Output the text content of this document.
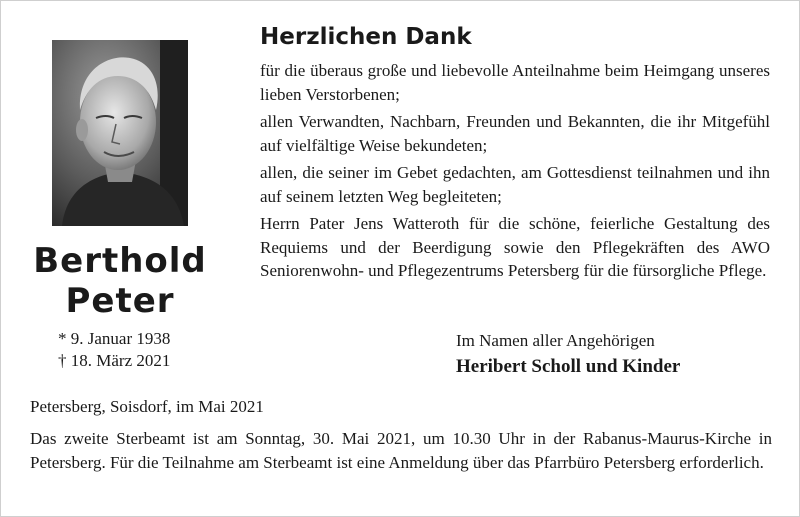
Berthold
Peter
* 9. Januar 1938
† 18. März 2021
Herzlichen Dank

für die überaus große und liebevolle Anteilnahme beim Heimgang unseres lieben Verstorbenen;

allen Verwandten, Nachbarn, Freunden und Bekannten, die ihr Mitgefühl auf vielfältige Weise bekundeten;

allen, die seiner im Gebet gedachten, am Gottesdienst teilnahmen und ihn auf seinem letzten Weg begleiteten;

Herrn Pater Jens Watteroth für die schöne, feierliche Gestaltung des Requiems und der Beerdigung sowie den Pflegekräften des AWO Seniorenwohn- und Pflegezentrums Petersberg für die fürsorgliche Pflege.

Im Namen aller Angehörigen
Heribert Scholl und Kinder
Petersberg, Soisdorf, im Mai 2021

Das zweite Sterbeamt ist am Sonntag, 30. Mai 2021, um 10.30 Uhr in der Rabanus-Maurus-Kirche in Petersberg. Für die Teilnahme am Sterbeamt ist eine Anmeldung über das Pfarrbüro Petersberg erforderlich.
